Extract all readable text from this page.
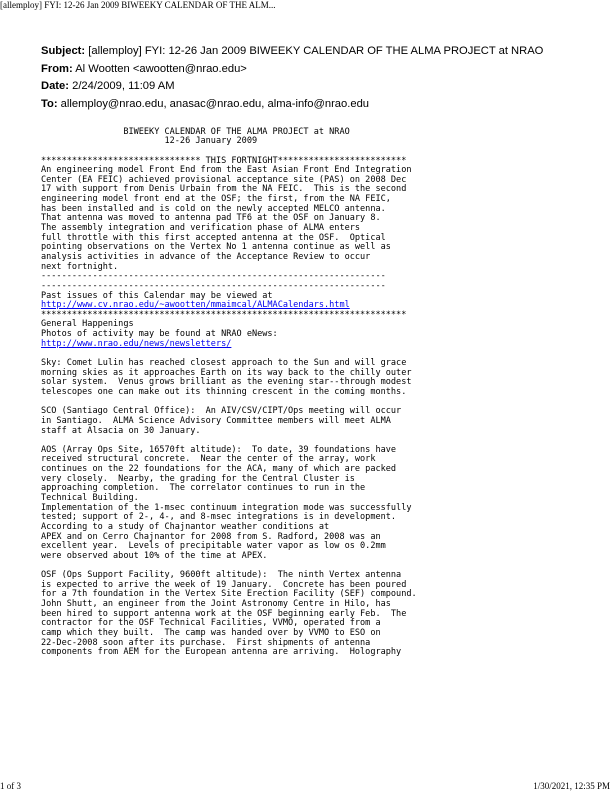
[allemploy] FYI: 12-26 Jan 2009 BIWEEKY CALENDAR OF THE ALM...
Subject: [allemploy] FYI: 12-26 Jan 2009 BIWEEKY CALENDAR OF THE ALMA PROJECT at NRAO
From: Al Wootten <awootten@nrao.edu>
Date: 2/24/2009, 11:09 AM
To: allemploy@nrao.edu, anasac@nrao.edu, alma-info@nrao.edu
BIWEEKY CALENDAR OF THE ALMA PROJECT at NRAO
12-26 January 2009
******************************* THIS FORTNIGHT*************************
An engineering model Front End from the East Asian Front End Integration
Center (EA FEIC) achieved provisional acceptance site (PAS) on 2008 Dec
17 with support from Denis Urbain from the NA FEIC.  This is the second
engineering model front end at the OSF; the first, from the NA FEIC,
has been installed and is cold on the newly accepted MELCO antenna.
That antenna was moved to antenna pad TF6 at the OSF on January 8.
The assembly integration and verification phase of ALMA enters
full throttle with this first accepted antenna at the OSF.  Optical
pointing observations on the Vertex No 1 antenna continue as well as
analysis activities in advance of the Acceptance Review to occur
next fortnight.
-------------------------------------------------------------------
-------------------------------------------------------------------
Past issues of this Calendar may be viewed at
http://www.cv.nrao.edu/~awootten/mmaimcal/ALMACalendars.html
***********************************************************************
General Happenings
Photos of activity may be found at NRAO eNews:
http://www.nrao.edu/news/newsletters/
Sky: Comet Lulin has reached closest approach to the Sun and will grace
morning skies as it approaches Earth on its way back to the chilly outer
solar system.  Venus grows brilliant as the evening star--through modest
telescopes one can make out its thinning crescent in the coming months.
SCO (Santiago Central Office):  An AIV/CSV/CIPT/Ops meeting will occur
in Santiago.  ALMA Science Advisory Committee members will meet ALMA
staff at Alsacia on 30 January.
AOS (Array Ops Site, 16570ft altitude):  To date, 39 foundations have
received structural concrete.  Near the center of the array, work
continues on the 22 foundations for the ACA, many of which are packed
very closely.  Nearby, the grading for the Central Cluster is
approaching completion.  The correlator continues to run in the
Technical Building.
Implementation of the 1-msec continuum integration mode was successfully
tested; support of 2-, 4-, and 8-msec integrations is in development.
According to a study of Chajnantor weather conditions at
APEX and on Cerro Chajnantor for 2008 from S. Radford, 2008 was an
excellent year.  Levels of precipitable water vapor as low os 0.2mm
were observed about 10% of the time at APEX.
OSF (Ops Support Facility, 9600ft altitude):  The ninth Vertex antenna
is expected to arrive the week of 19 January.  Concrete has been poured
for a 7th foundation in the Vertex Site Erection Facility (SEF) compound.
John Shutt, an engineer from the Joint Astronomy Centre in Hilo, has
been hired to support antenna work at the OSF beginning early Feb.  The
contractor for the OSF Technical Facilities, VVMO, operated from a
camp which they built.  The camp was handed over by VVMO to ESO on
22-Dec-2008 soon after its purchase.  First shipments of antenna
components from AEM for the European antenna are arriving.  Holography
1 of 3	1/30/2021, 12:35 PM
